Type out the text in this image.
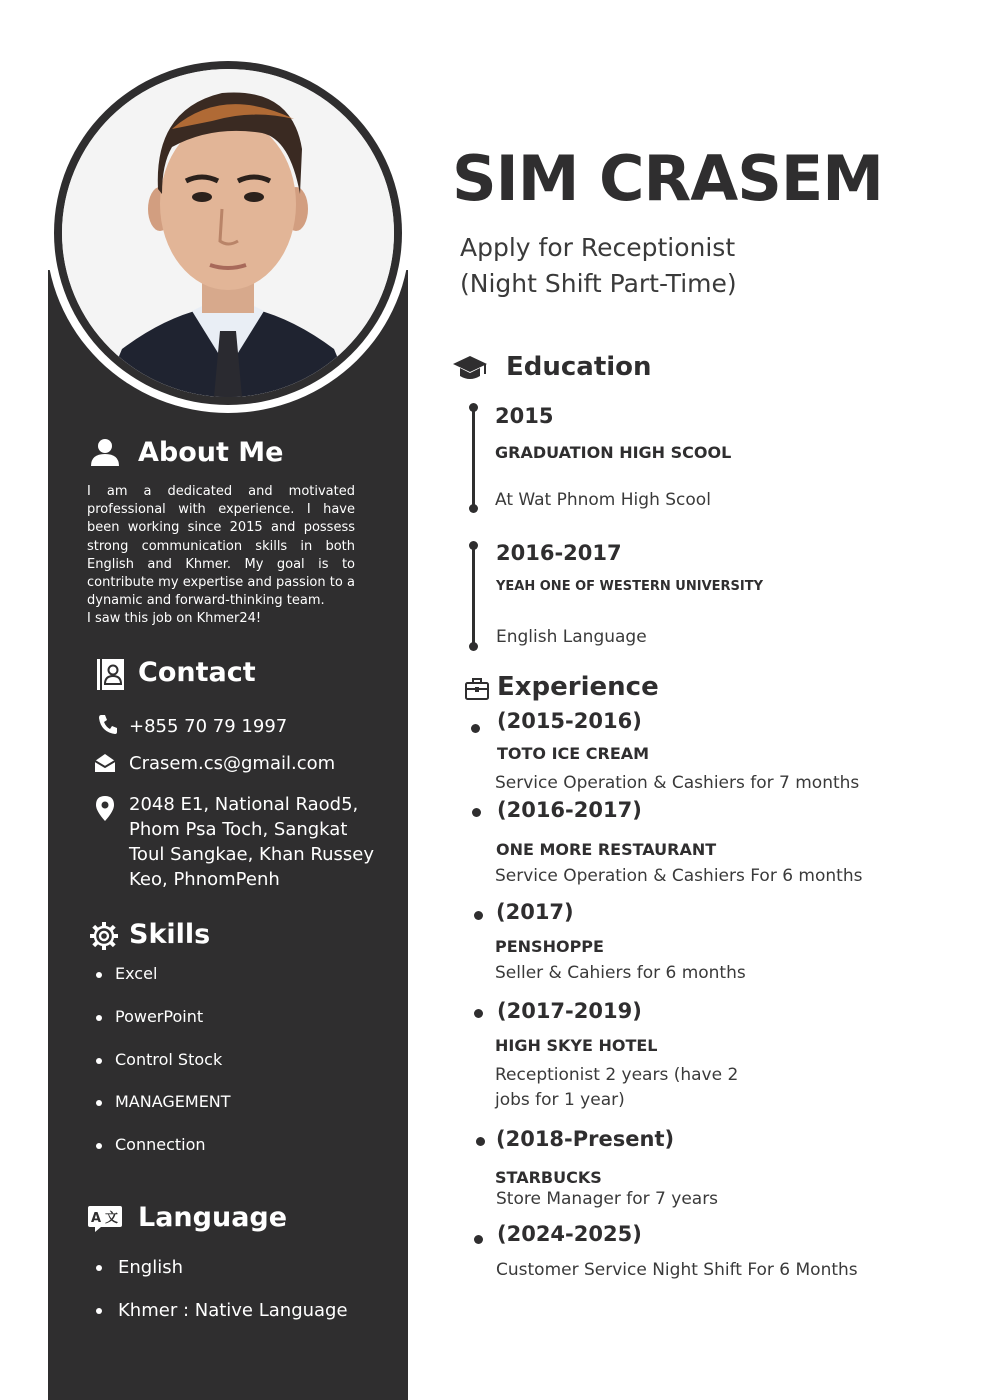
About Me

I am a dedicated and motivated professional with experience. I have been working since 2015 and possess strong communication skills in both English and Khmer. My goal is to contribute my expertise and passion to a dynamic and forward-thinking team.

I saw this job on Khmer24!

Contact
+855 70 79 1997
Crasem.cs@gmail.com
2048 E1, National Raod5,
Phom Psa Toch, Sangkat
Toul Sangkae, Khan Russey
Keo, PhnomPenh
Skills
Excel
PowerPoint
Control Stock
MANAGEMENT
Connection
A 文 Language
English
Khmer : Native Language
SIM CRASEM
Apply for Receptionist
(Night Shift Part-Time)
Education
2015
GRADUATION HIGH SCOOL
At Wat Phnom High Scool
2016-2017
YEAH ONE OF WESTERN UNIVERSITY
English Language
Experience
(2015-2016)
TOTO ICE CREAM
Service Operation & Cashiers for 7 months
(2016-2017)
ONE MORE RESTAURANT
Service Operation & Cashiers For 6 months
(2017)
PENSHOPPE
Seller & Cahiers for 6 months
(2017-2019)
HIGH SKYE HOTEL
Receptionist 2 years (have 2
jobs for 1 year)
(2018-Present)
STARBUCKS
Store Manager for 7 years
(2024-2025)
Customer Service Night Shift For 6 Months
